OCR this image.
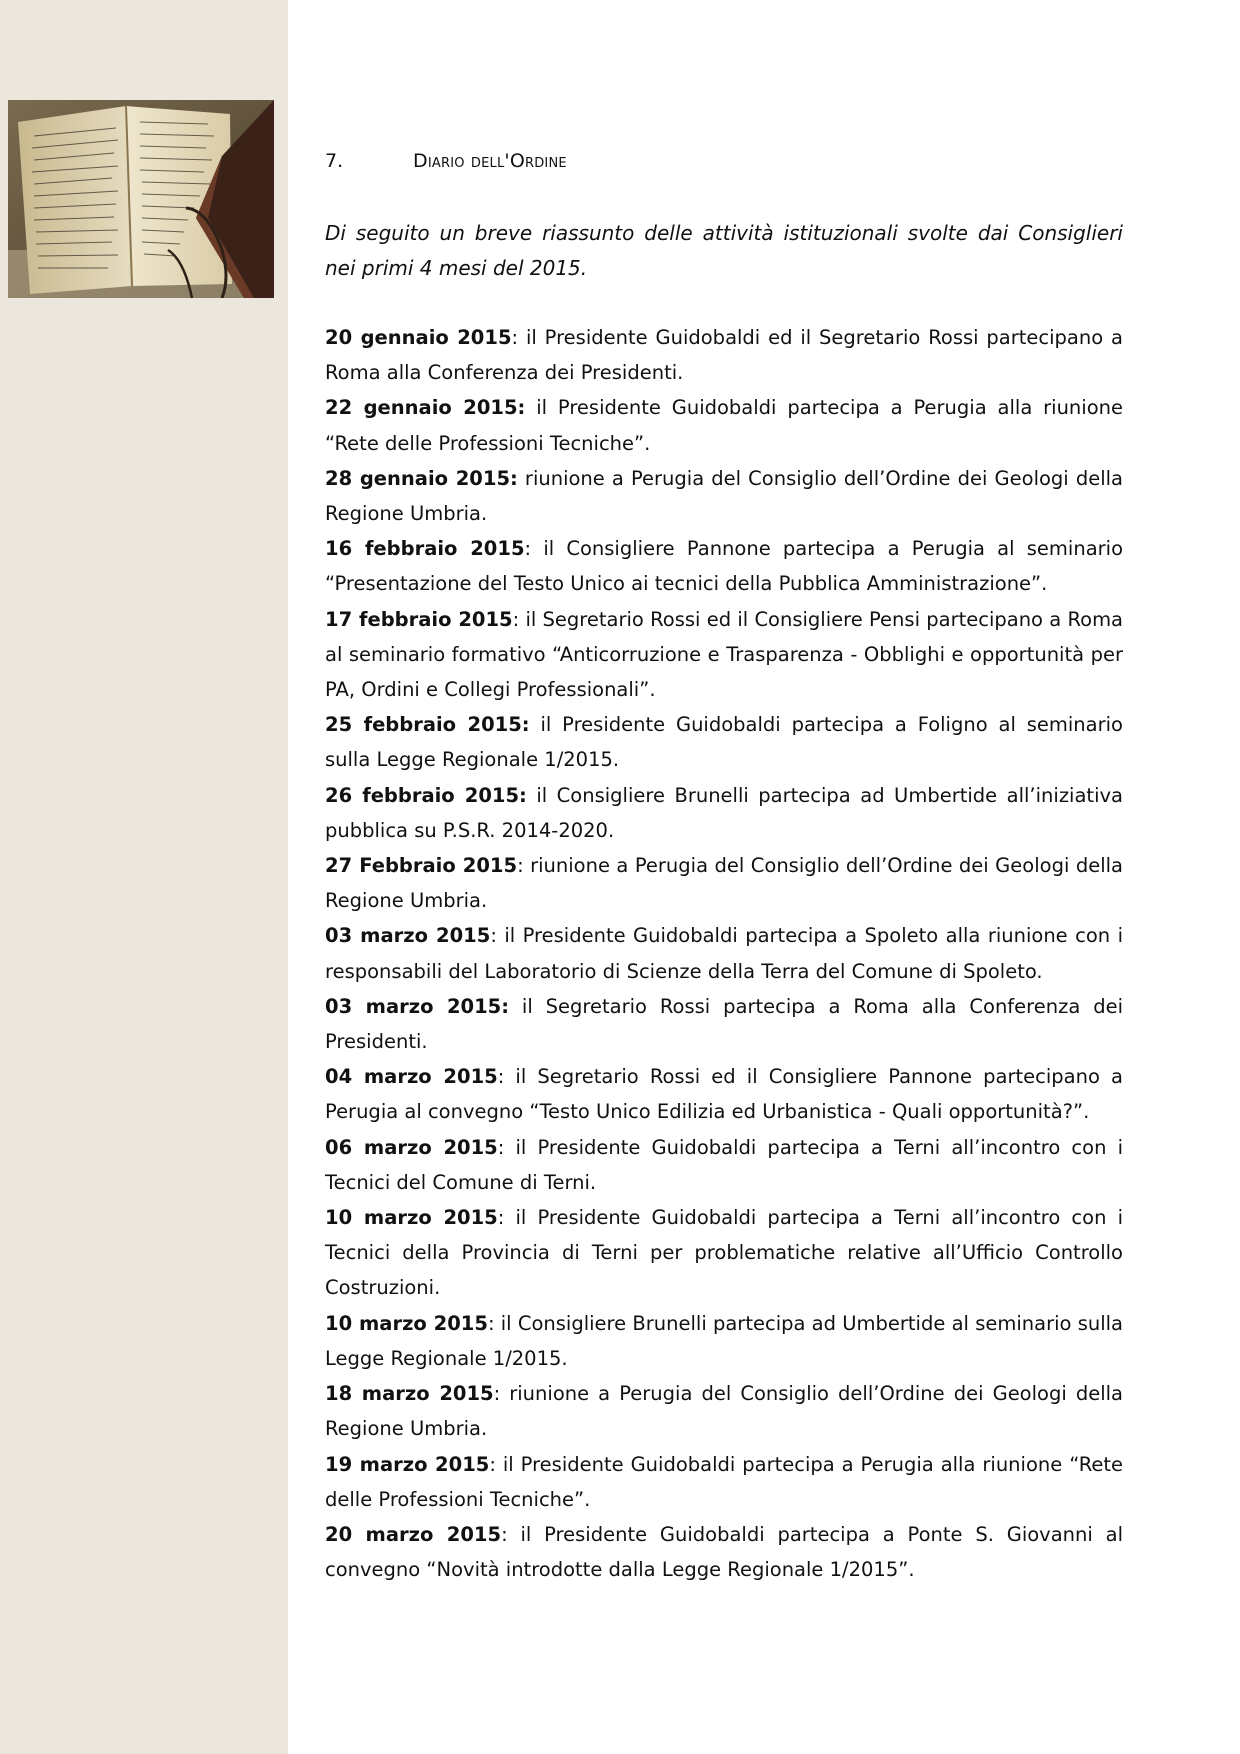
7.	Diario dell'Ordine

Di seguito un breve riassunto delle attività istituzionali svolte dai Consiglieri nei primi 4 mesi del 2015.

20 gennaio 2015: il Presidente Guidobaldi ed il Segretario Rossi partecipano a Roma alla Conferenza dei Presidenti.
22 gennaio 2015: il Presidente Guidobaldi partecipa a Perugia alla riunione “Rete delle Professioni Tecniche”.
28 gennaio 2015: riunione a Perugia del Consiglio dell’Ordine dei Geologi della Regione Umbria.
16 febbraio 2015: il Consigliere Pannone partecipa a Perugia al seminario “Presentazione del Testo Unico ai tecnici della Pubblica Amministrazione”.
17 febbraio 2015: il Segretario Rossi ed il Consigliere Pensi partecipano a Roma al seminario formativo “Anticorruzione e Trasparenza - Obblighi e opportunità per PA, Ordini e Collegi Professionali”.
25 febbraio 2015: il Presidente Guidobaldi partecipa a Foligno al seminario sulla Legge Regionale 1/2015.
26 febbraio 2015: il Consigliere Brunelli partecipa ad Umbertide all’iniziativa pubblica su P.S.R. 2014-2020.
27 Febbraio 2015: riunione a Perugia del Consiglio dell’Ordine dei Geologi della Regione Umbria.
03 marzo 2015: il Presidente Guidobaldi partecipa a Spoleto alla riunione con i responsabili del Laboratorio di Scienze della Terra del Comune di Spoleto.
03 marzo 2015: il Segretario Rossi partecipa a Roma alla Conferenza dei Presidenti.
04 marzo 2015: il Segretario Rossi ed il Consigliere Pannone partecipano a Perugia al convegno “Testo Unico Edilizia ed Urbanistica - Quali opportunità?”.
06 marzo 2015: il Presidente Guidobaldi partecipa a Terni all’incontro con i Tecnici del Comune di Terni.
10 marzo 2015: il Presidente Guidobaldi partecipa a Terni all’incontro con i Tecnici della Provincia di Terni per problematiche relative all’Ufficio Controllo Costruzioni.
10 marzo 2015: il Consigliere Brunelli partecipa ad Umbertide al seminario sulla Legge Regionale 1/2015.
18 marzo 2015: riunione a Perugia del Consiglio dell’Ordine dei Geologi della Regione Umbria.
19 marzo 2015: il Presidente Guidobaldi partecipa a Perugia alla riunione “Rete delle Professioni Tecniche”.
20 marzo 2015: il Presidente Guidobaldi partecipa a Ponte S. Giovanni al convegno “Novità introdotte dalla Legge Regionale 1/2015”.
